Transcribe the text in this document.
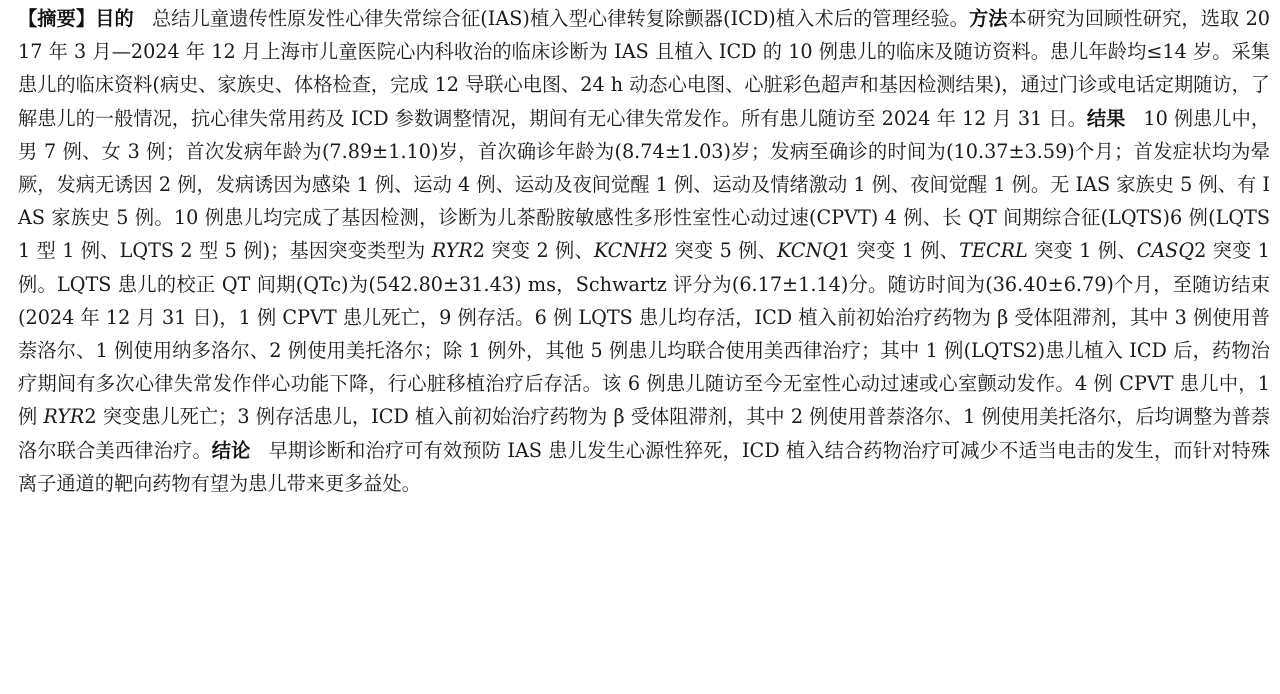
【摘要】目的 总结儿童遗传性原发性心律失常综合征(IAS)植入型心律转复除颤器(ICD)植入术后的管理经验。方法本研究为回顾性研究，选取 2017 年 3 月—2024 年 12 月上海市儿童医院心内科收治的临床诊断为 IAS 且植入 ICD 的 10 例患儿的临床及随访资料。患儿年龄均≤14 岁。采集患儿的临床资料(病史、家族史、体格检查，完成 12 导联心电图、24 h 动态心电图、心脏彩色超声和基因检测结果)，通过门诊或电话定期随访，了解患儿的一般情况，抗心律失常用药及 ICD 参数调整情况，期间有无心律失常发作。所有患儿随访至 2024 年 12 月 31 日。结果 10 例患儿中，男 7 例、女 3 例；首次发病年龄为(7.89±1.10)岁，首次确诊年龄为(8.74±1.03)岁；发病至确诊的时间为(10.37±3.59)个月；首发症状均为晕厥，发病无诱因 2 例，发病诱因为感染 1 例、运动 4 例、运动及夜间觉醒 1 例、运动及情绪激动 1 例、夜间觉醒 1 例。无 IAS 家族史 5 例、有 IAS 家族史 5 例。10 例患儿均完成了基因检测，诊断为儿茶酚胺敏感性多形性室性心动过速(CPVT) 4 例、长 QT 间期综合征(LQTS)6 例(LQTS 1 型 1 例、LQTS 2 型 5 例)；基因突变类型为 RYR2 突变 2 例、KCNH2 突变 5 例、KCNQ1 突变 1 例、TECRL 突变 1 例、CASQ2 突变 1 例。LQTS 患儿的校正 QT 间期(QTc)为(542.80±31.43) ms，Schwartz 评分为(6.17±1.14)分。随访时间为(36.40±6.79)个月，至随访结束(2024 年 12 月 31 日)，1 例 CPVT 患儿死亡，9 例存活。6 例 LQTS 患儿均存活，ICD 植入前初始治疗药物为 β 受体阻滞剂，其中 3 例使用普萘洛尔、1 例使用纳多洛尔、2 例使用美托洛尔；除 1 例外，其他 5 例患儿均联合使用美西律治疗；其中 1 例(LQTS2)患儿植入 ICD 后，药物治疗期间有多次心律失常发作伴心功能下降，行心脏移植治疗后存活。该 6 例患儿随访至今无室性心动过速或心室颤动发作。4 例 CPVT 患儿中，1 例 RYR2 突变患儿死亡；3 例存活患儿，ICD 植入前初始治疗药物为 β 受体阻滞剂，其中 2 例使用普萘洛尔、1 例使用美托洛尔，后均调整为普萘洛尔联合美西律治疗。结论 早期诊断和治疗可有效预防 IAS 患儿发生心源性猝死，ICD 植入结合药物治疗可减少不适当电击的发生，而针对特殊离子通道的靶向药物有望为患儿带来更多益处。
